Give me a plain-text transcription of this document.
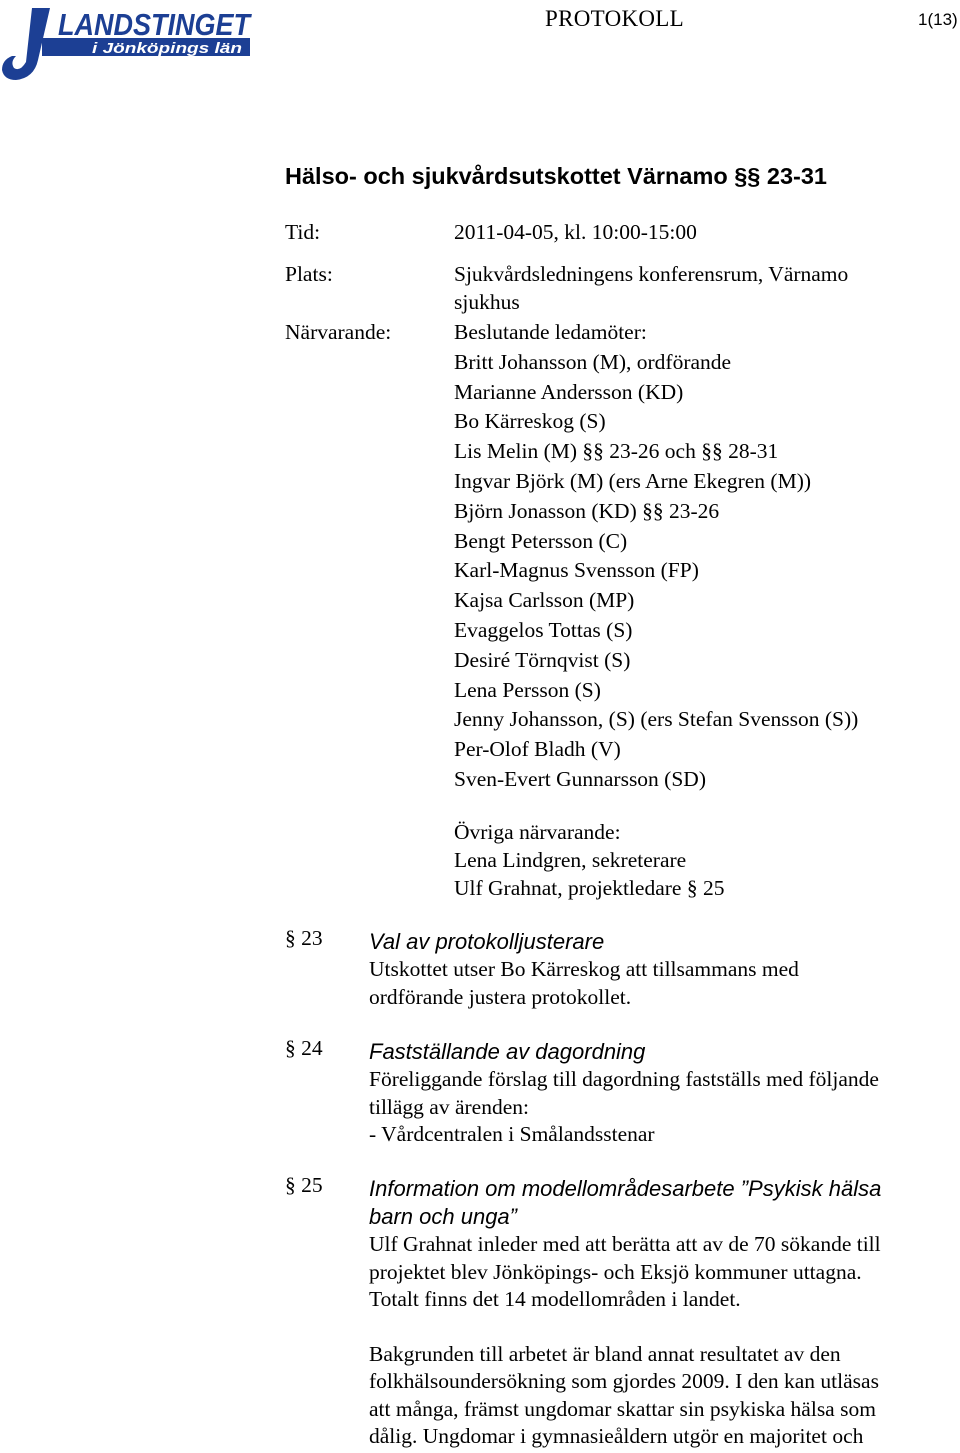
LANDSTINGET
i Jönköpings län
PROTOKOLL	1(13)
Hälso- och sjukvårdsutskottet Värnamo §§ 23-31
Tid:	2011-04-05, kl. 10:00-15:00
Plats:	Sjukvårdsledningens konferensrum, Värnamo
sjukhus
Närvarande:	Beslutande ledamöter:
Britt Johansson (M), ordförande
Marianne Andersson (KD)
Bo Kärreskog (S)
Lis Melin (M) §§ 23-26 och §§ 28-31
Ingvar Björk (M) (ers Arne Ekegren (M))
Björn Jonasson (KD) §§ 23-26
Bengt Petersson (C)
Karl-Magnus Svensson (FP)
Kajsa Carlsson (MP)
Evaggelos Tottas (S)
Desiré Törnqvist (S)
Lena Persson (S)
Jenny Johansson, (S) (ers Stefan Svensson (S))
Per-Olof Bladh (V)
Sven-Evert Gunnarsson (SD)
Övriga närvarande:
Lena Lindgren, sekreterare
Ulf Grahnat, projektledare § 25
§ 23 Val av protokolljusterare
Utskottet utser Bo Kärreskog att tillsammans med
ordförande justera protokollet.
§ 24 Fastställande av dagordning
Föreliggande förslag till dagordning fastställs med följande
tillägg av ärenden:
- Vårdcentralen i Smålandsstenar
§ 25 Information om modellområdesarbete ”Psykisk hälsa
barn och unga”
Ulf Grahnat inleder med att berätta att av de 70 sökande till
projektet blev Jönköpings- och Eksjö kommuner uttagna.
Totalt finns det 14 modellområden i landet.
Bakgrunden till arbetet är bland annat resultatet av den
folkhälsoundersökning som gjordes 2009. I den kan utläsas
att många, främst ungdomar skattar sin psykiska hälsa som
dålig. Ungdomar i gymnasieåldern utgör en majoritet och
